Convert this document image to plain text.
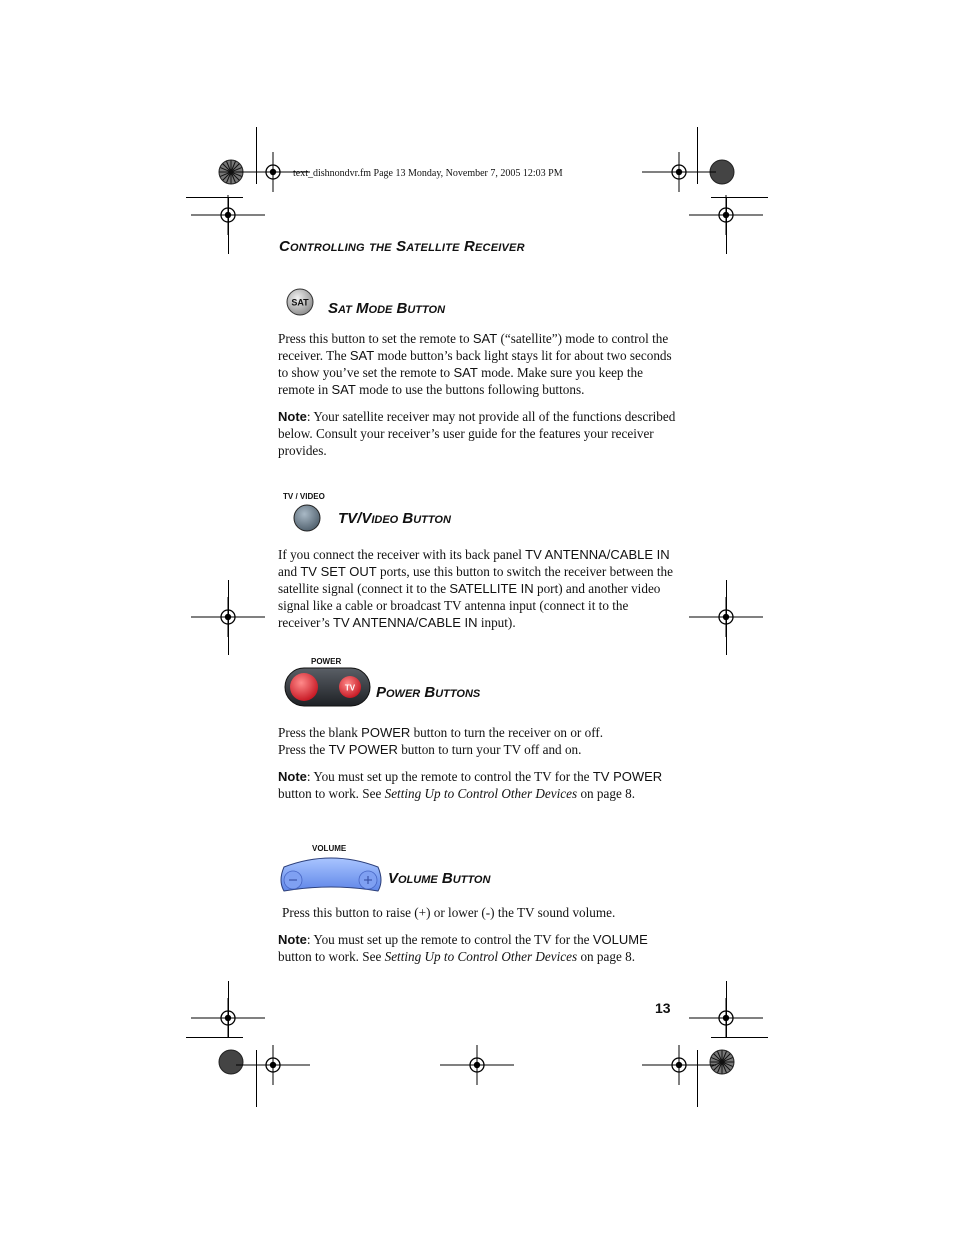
text_dishnondvr.fm Page 13 Monday, November 7, 2005 12:03 PM
Controlling the Satellite Receiver
SAT Sat Mode Button

Press this button to set the remote to SAT (“satellite”) mode to control the receiver. The SAT mode button’s back light stays lit for about two seconds to show you’ve set the remote to SAT mode. Make sure you keep the remote in SAT mode to use the buttons following buttons.

Note: Your satellite receiver may not provide all of the functions described below. Consult your receiver’s user guide for the features your receiver provides.

TV / VIDEO
TV/Video Button

If you connect the receiver with its back panel TV ANTENNA/CABLE IN and TV SET OUT ports, use this button to switch the receiver between the satellite signal (connect it to the SATELLITE IN port) and another video signal like a cable or broadcast TV antenna input (connect it to the receiver’s TV ANTENNA/CABLE IN input).

POWER
TV Power Buttons

Press the blank POWER button to turn the receiver on or off.

Press the TV POWER button to turn your TV off and on.

Note: You must set up the remote to control the TV for the TV POWER button to work. See Setting Up to Control Other Devices on page 8.

VOLUME
Volume Button

Press this button to raise (+) or lower (-) the TV sound volume.

Note: You must set up the remote to control the TV for the VOLUME button to work. See Setting Up to Control Other Devices on page 8.

13
